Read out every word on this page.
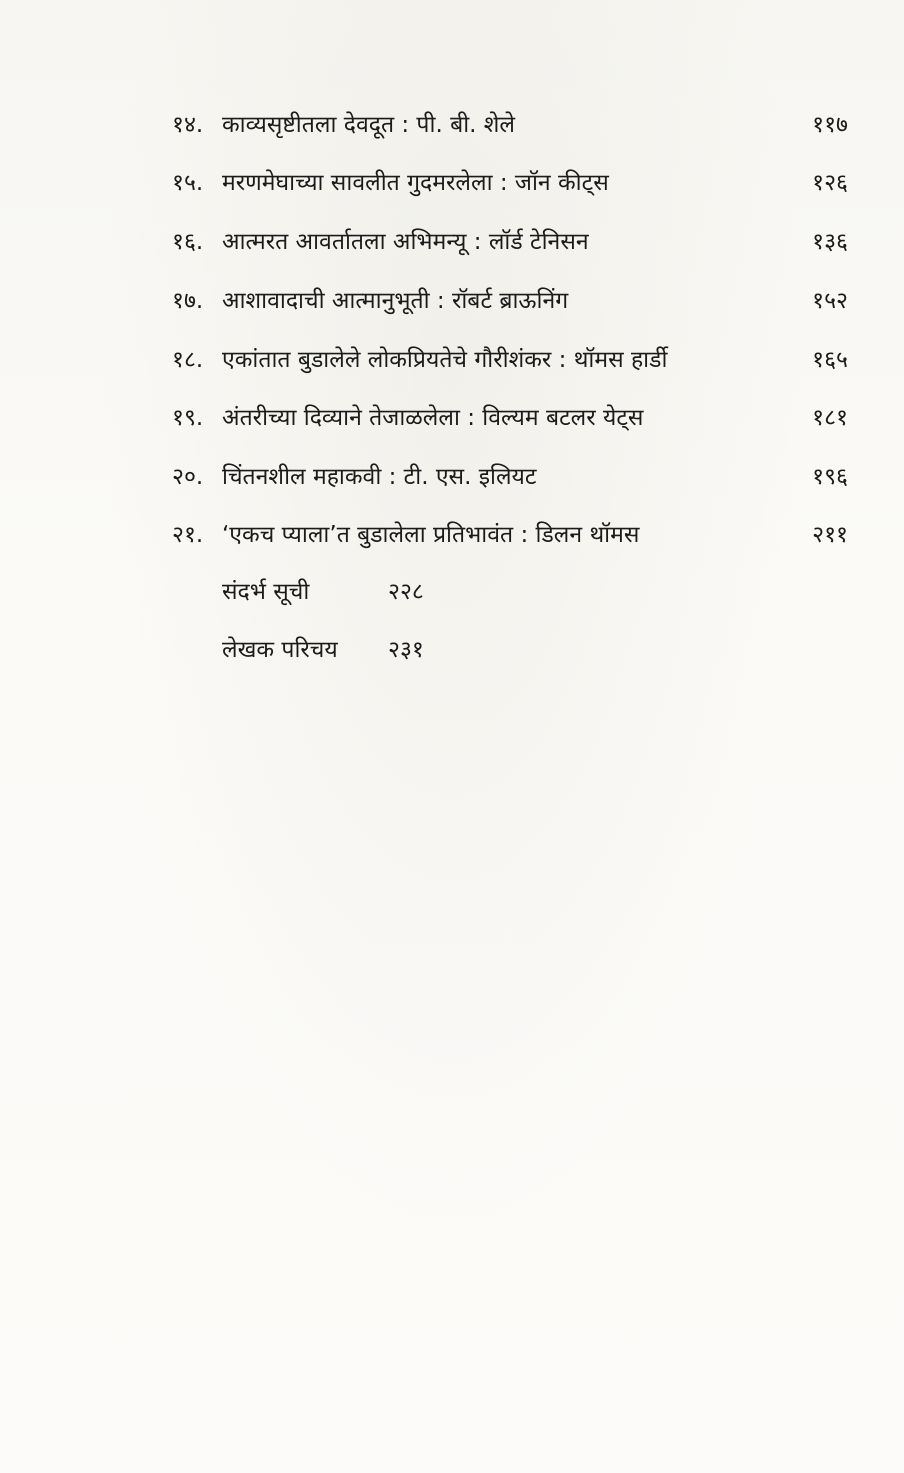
१४. काव्यसृष्टीतला देवदूत : पी. बी. शेले	११७
१५. मरणमेघाच्या सावलीत गुदमरलेला : जॉन कीट्स	१२६
१६. आत्मरत आवर्तातला अभिमन्यू : लॉर्ड टेनिसन	१३६
१७. आशावादाची आत्मानुभूती : रॉबर्ट ब्राऊनिंग	१५२
१८. एकांतात बुडालेले लोकप्रियतेचे गौरीशंकर : थॉमस हार्डी	१६५
१९. अंतरीच्या दिव्याने तेजाळलेला : विल्यम बटलर येट्स	१८१
२०. चिंतनशील महाकवी : टी. एस. इलियट	१९६
२१. ‘एकच प्याला’त बुडालेला प्रतिभावंत : डिलन थॉमस	२११
संदर्भ सूची	२२८
लेखक परिचय	२३१
